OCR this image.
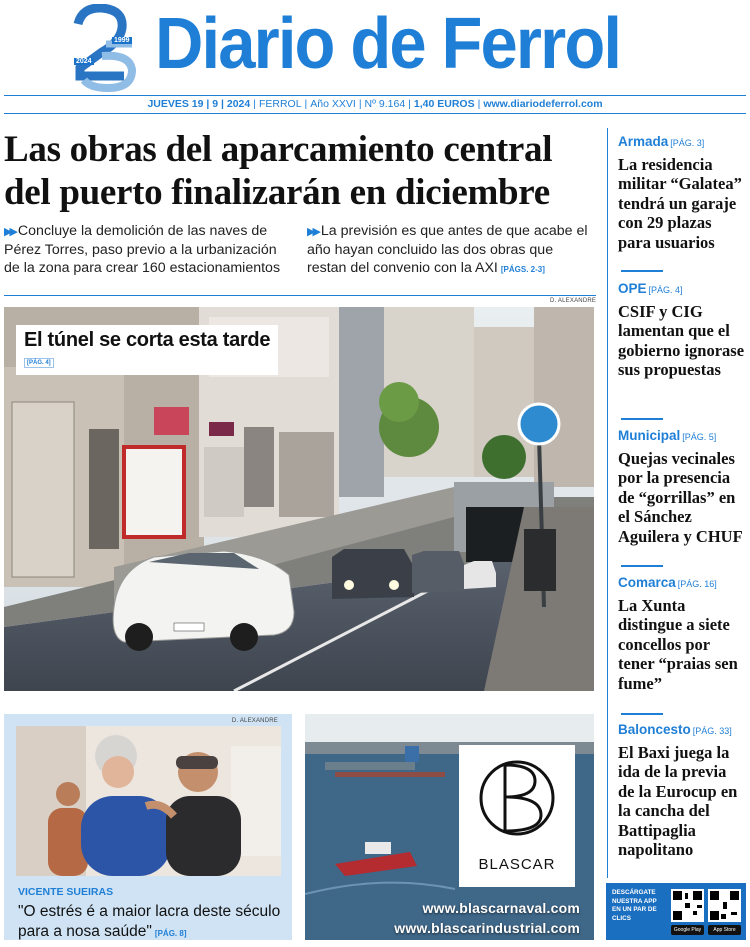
1999
2024 Diario de Ferrol
JUEVES 19 | 9 | 2024 | FERROL | Año XXVI | Nº 9.164 | 1,40 EUROS | www.diariodeferrol.com
Las obras del aparcamiento central del puerto finalizarán en diciembre

▶▶ Concluye la demolición de las naves de Pérez Torres, paso previo a la urbanización de la zona para crear 160 estacionamientos

▶▶ La previsión es que antes de que acabe el año hayan concluido las dos obras que restan del convenio con la AXI [PÁGS. 2-3]

D. ALEXANDRE
El túnel se corta esta tarde
[PÁG. 4]
D. ALEXANDRE
VICENTE SUEIRAS
"O estrés é a maior lacra deste século para a nosa saúde" [PÁG. 8]
BLASCAR
www.blascarnaval.com
www.blascarindustrial.com
Armada [PÁG. 3]
La residencia militar “Galatea” tendrá un garaje con 29 plazas para usuarios
OPE [PÁG. 4]
CSIF y CIG lamentan que el gobierno ignorase sus propuestas
Municipal [PÁG. 5]
Quejas vecinales por la presencia de “gorrillas” en el Sánchez Aguilera y CHUF
Comarca [PÁG. 16]
La Xunta distingue a siete concellos por tener “praias sen fume”
Baloncesto [PÁG. 33]
El Baxi juega la ida de la previa de la Eurocup en la cancha del Battipaglia napolitano
DESCÁRGATE NUESTRA APP EN UN PAR DE CLICS
Google Play	App Store
